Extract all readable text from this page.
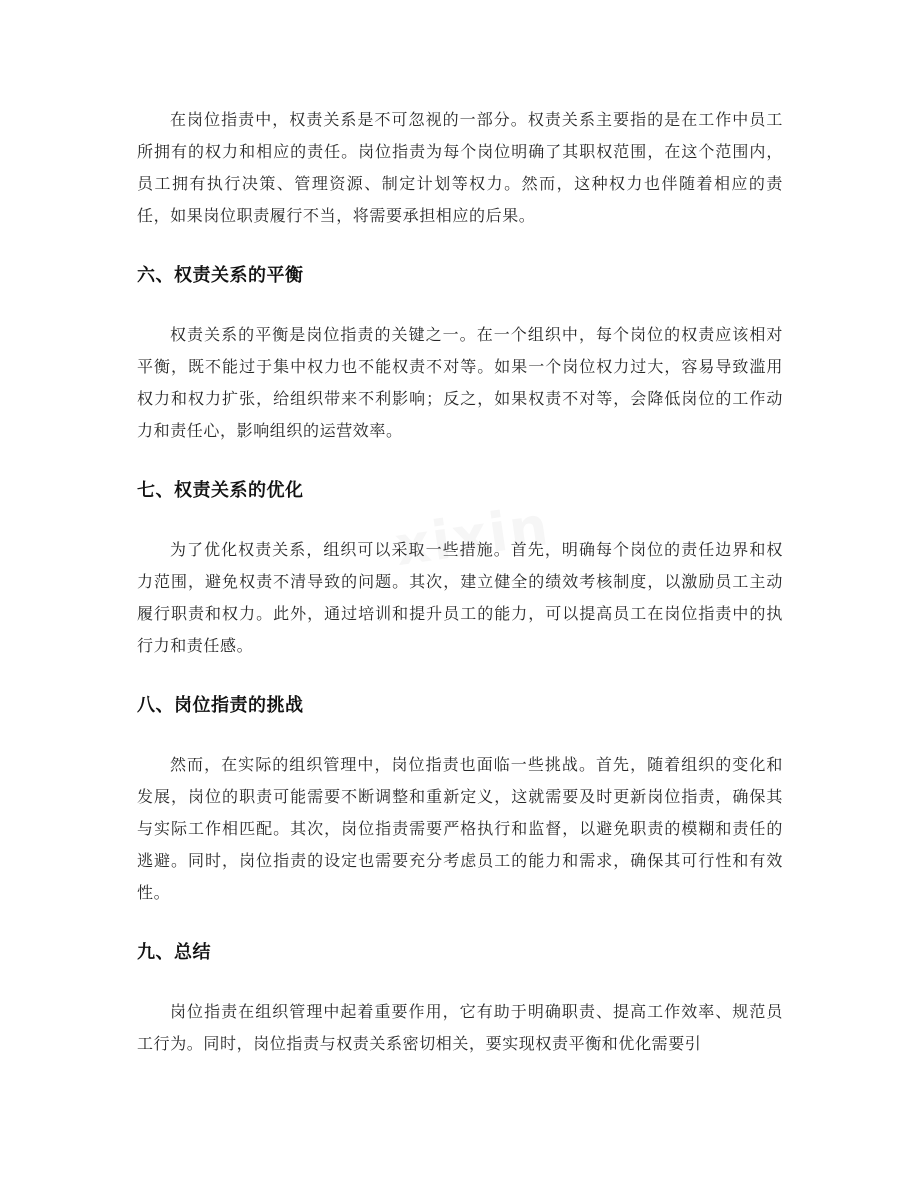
在岗位指责中，权责关系是不可忽视的一部分。权责关系主要指的是在工作中员工所拥有的权力和相应的责任。岗位指责为每个岗位明确了其职权范围，在这个范围内，员工拥有执行决策、管理资源、制定计划等权力。然而，这种权力也伴随着相应的责任，如果岗位职责履行不当，将需要承担相应的后果。

六、权责关系的平衡

权责关系的平衡是岗位指责的关键之一。在一个组织中，每个岗位的权责应该相对平衡，既不能过于集中权力也不能权责不对等。如果一个岗位权力过大，容易导致滥用权力和权力扩张，给组织带来不利影响；反之，如果权责不对等，会降低岗位的工作动力和责任心，影响组织的运营效率。

七、权责关系的优化

为了优化权责关系，组织可以采取一些措施。首先，明确每个岗位的责任边界和权力范围，避免权责不清导致的问题。其次，建立健全的绩效考核制度，以激励员工主动履行职责和权力。此外，通过培训和提升员工的能力，可以提高员工在岗位指责中的执行力和责任感。

八、岗位指责的挑战

然而，在实际的组织管理中，岗位指责也面临一些挑战。首先，随着组织的变化和发展，岗位的职责可能需要不断调整和重新定义，这就需要及时更新岗位指责，确保其与实际工作相匹配。其次，岗位指责需要严格执行和监督，以避免职责的模糊和责任的逃避。同时，岗位指责的设定也需要充分考虑员工的能力和需求，确保其可行性和有效性。

九、总结

岗位指责在组织管理中起着重要作用，它有助于明确职责、提高工作效率、规范员工行为。同时，岗位指责与权责关系密切相关，要实现权责平衡和优化需要引
